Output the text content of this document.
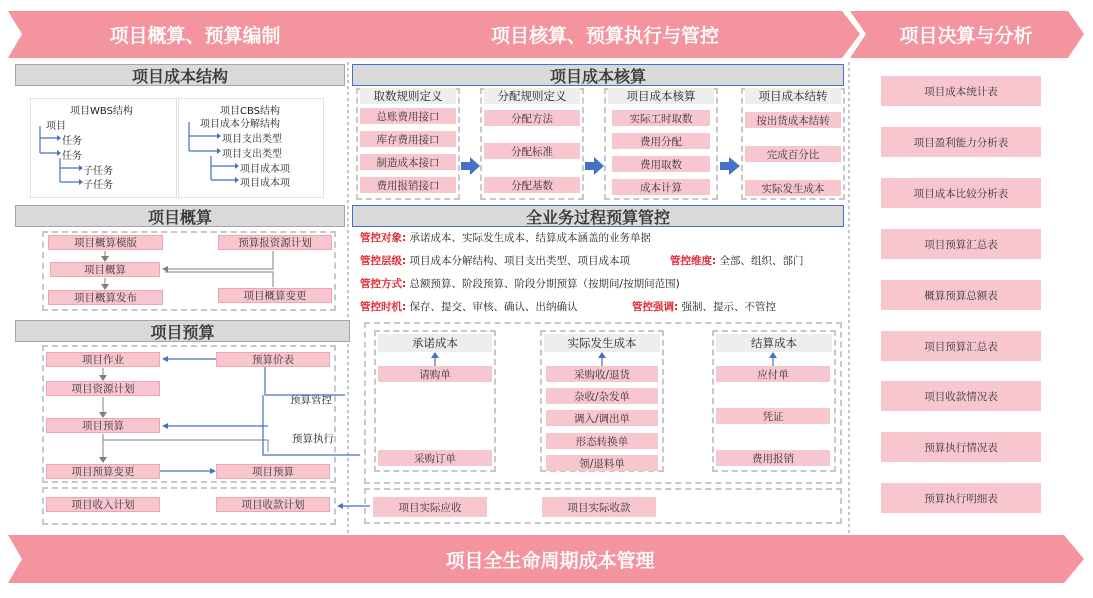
项目概算、预算编制	项目核算、预算执行与管控	项目决算与分析
项目全生命周期成本管理
项目成本结构
项目WBS结构
项目
任务
任务
子任务
子任务
项目CBS结构
项目成本分解结构
项目支出类型
项目支出类型
项目成本项
项目成本项
项目概算
项目概算模版	预算报资源计划
项目概算
项目概算发布	项目概算变更
项目预算
项目作业	预算价表
项目资源计划
项目预算
项目预算变更	项目预算
项目收入计划	项目收款计划
预算管控
预算执行
项目成本核算
取数规则定义
总账费用接口
库存费用接口
制造成本接口
费用报销接口
分配规则定义
分配方法
分配标准
分配基数
项目成本核算
实际工时取数
费用分配
费用取数
成本计算
项目成本结转
按出货成本结转
完成百分比
实际发生成本
全业务过程预算管控
管控对象: 承诺成本、实际发生成本、结算成本涵盖的业务单据
管控层级: 项目成本分解结构、项目支出类型、项目成本项	管控维度: 全部、组织、部门
管控方式: 总额预算、阶段预算、阶段分期预算（按期间/按期间范围)
管控时机: 保存、提交、审核、确认、出纳确认	管控强调: 强制、提示、不管控
承诺成本
请购单
采购订单
实际发生成本
采购收/退货
杂收/杂发单
调入/调出单
形态转换单
领/退料单
结算成本
应付单
凭证
费用报销
项目实际应收	项目实际收款
项目成本统计表
项目盈利能力分析表
项目成本比较分析表
项目预算汇总表
概算预算总额表
项目预算汇总表
项目收款情况表
预算执行情况表
预算执行明细表
